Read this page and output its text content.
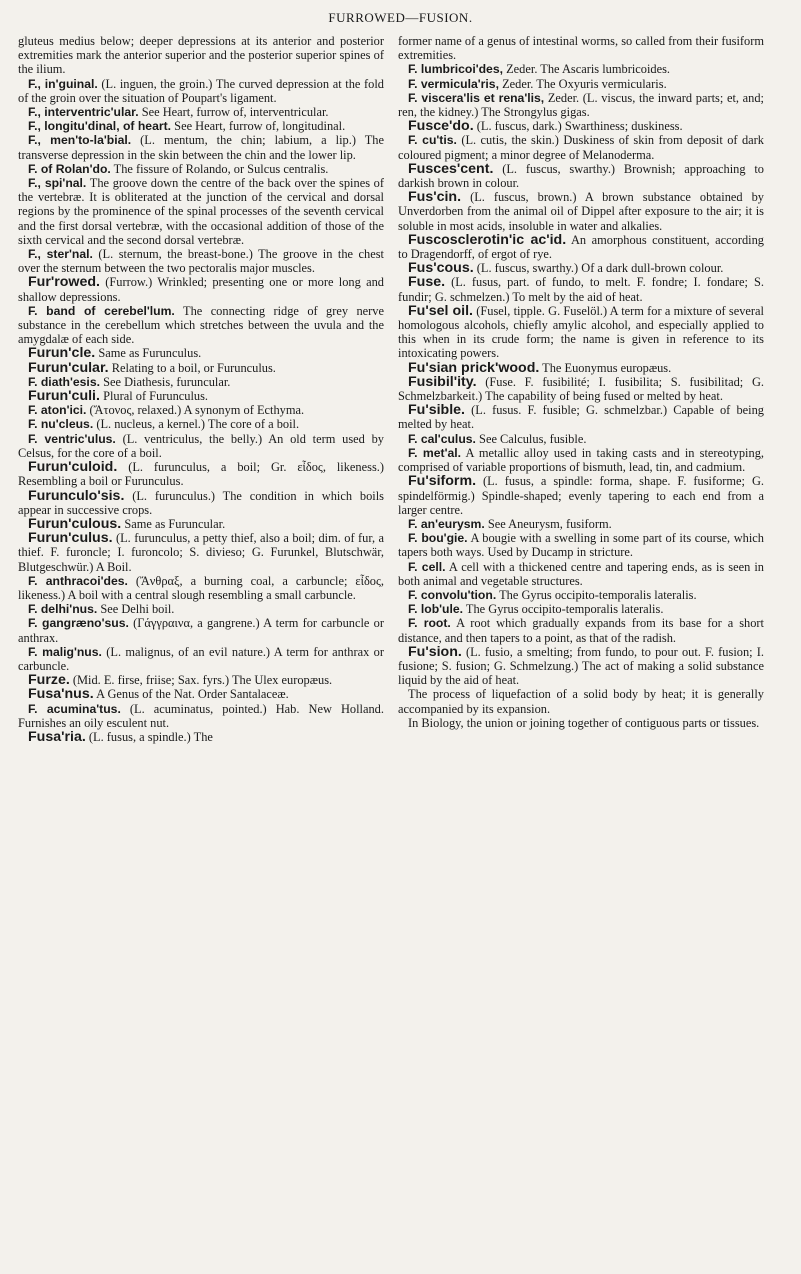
FURROWED—FUSION.

gluteus medius below; deeper depressions at its anterior and posterior extremities mark the anterior superior and the posterior superior spines of the ilium.

F., in'guinal. (L. inguen, the groin.) The curved depression at the fold of the groin over the situation of Poupart's ligament.

F., interventric'ular. See Heart, furrow of, interventricular.

F., longitu'dinal, of heart. See Heart, furrow of, longitudinal.

F., men'to-la'bial. (L. mentum, the chin; labium, a lip.) The transverse depression in the skin between the chin and the lower lip.

F. of Rolan'do. The fissure of Rolando, or Sulcus centralis.

F., spi'nal. The groove down the centre of the back over the spines of the vertebræ. It is obliterated at the junction of the cervical and dorsal regions by the prominence of the spinal processes of the seventh cervical and the first dorsal vertebræ, with the occasional addition of those of the sixth cervical and the second dorsal vertebræ.

F., ster'nal. (L. sternum, the breast-bone.) The groove in the chest over the sternum between the two pectoralis major muscles.

Fur'rowed. (Furrow.) Wrinkled; presenting one or more long and shallow depressions.

F. band of cerebel'lum. The connecting ridge of grey nerve substance in the cerebellum which stretches between the uvula and the amygdalæ of each side.

Furun'cle. Same as Furunculus.

Furun'cular. Relating to a boil, or Furunculus.

F. diath'esis. See Diathesis, furuncular.

Furun'culi. Plural of Furunculus.

F. aton'ici. (Ἄτονος, relaxed.) A synonym of Ecthyma.

F. nu'cleus. (L. nucleus, a kernel.) The core of a boil.

F. ventric'ulus. (L. ventriculus, the belly.) An old term used by Celsus, for the core of a boil.

Furun'culoid. (L. furunculus, a boil; Gr. εἶδος, likeness.) Resembling a boil or Furunculus.

Furunculo'sis. (L. furunculus.) The condition in which boils appear in successive crops.

Furun'culous. Same as Furuncular.

Furun'culus. (L. furunculus, a petty thief, also a boil; dim. of fur, a thief. F. furoncle; I. furoncolo; S. divieso; G. Furunkel, Blutschwär, Blutgeschwür.) A Boil.

F. anthracoi'des. (Ἄνθραξ, a burning coal, a carbuncle; εἶδος, likeness.) A boil with a central slough resembling a small carbuncle.

F. delhi'nus. See Delhi boil.

F. gangræno'sus. (Γάγγραινα, a gangrene.) A term for carbuncle or anthrax.

F. malig'nus. (L. malignus, of an evil nature.) A term for anthrax or carbuncle.

Furze. (Mid. E. firse, friise; Sax. fyrs.) The Ulex europæus.

Fusa'nus. A Genus of the Nat. Order Santalaceæ.

F. acumina'tus. (L. acuminatus, pointed.) Hab. New Holland. Furnishes an oily esculent nut.

Fusa'ria. (L. fusus, a spindle.) The

former name of a genus of intestinal worms, so called from their fusiform extremities.

F. lumbricoi'des, Zeder. The Ascaris lumbricoides.

F. vermicula'ris, Zeder. The Oxyuris vermicularis.

F. viscera'lis et rena'lis, Zeder. (L. viscus, the inward parts; et, and; ren, the kidney.) The Strongylus gigas.

Fusce'do. (L. fuscus, dark.) Swarthiness; duskiness.

F. cu'tis. (L. cutis, the skin.) Duskiness of skin from deposit of dark coloured pigment; a minor degree of Melanoderma.

Fusces'cent. (L. fuscus, swarthy.) Brownish; approaching to darkish brown in colour.

Fus'cin. (L. fuscus, brown.) A brown substance obtained by Unverdorben from the animal oil of Dippel after exposure to the air; it is soluble in most acids, insoluble in water and alkalies.

Fuscosclerotin'ic ac'id. An amorphous constituent, according to Dragendorff, of ergot of rye.

Fus'cous. (L. fuscus, swarthy.) Of a dark dull-brown colour.

Fuse. (L. fusus, part. of fundo, to melt. F. fondre; I. fondare; S. fundir; G. schmelzen.) To melt by the aid of heat.

Fu'sel oil. (Fusel, tipple. G. Fuselöl.) A term for a mixture of several homologous alcohols, chiefly amylic alcohol, and especially applied to this when in its crude form; the name is given in reference to its intoxicating powers.

Fu'sian prick'wood. The Euonymus europæus.

Fusibil'ity. (Fuse. F. fusibilité; I. fusibilita; S. fusibilitad; G. Schmelzbarkeit.) The capability of being fused or melted by heat.

Fu'sible. (L. fusus. F. fusible; G. schmelzbar.) Capable of being melted by heat.

F. cal'culus. See Calculus, fusible.

F. met'al. A metallic alloy used in taking casts and in stereotyping, comprised of variable proportions of bismuth, lead, tin, and cadmium.

Fu'siform. (L. fusus, a spindle: forma, shape. F. fusiforme; G. spindelförmig.) Spindle-shaped; evenly tapering to each end from a larger centre.

F. an'eurysm. See Aneurysm, fusiform.

F. bou'gie. A bougie with a swelling in some part of its course, which tapers both ways. Used by Ducamp in stricture.

F. cell. A cell with a thickened centre and tapering ends, as is seen in both animal and vegetable structures.

F. convolu'tion. The Gyrus occipito-temporalis lateralis.

F. lob'ule. The Gyrus occipito-temporalis lateralis.

F. root. A root which gradually expands from its base for a short distance, and then tapers to a point, as that of the radish.

Fu'sion. (L. fusio, a smelting; from fundo, to pour out. F. fusion; I. fusione; S. fusion; G. Schmelzung.) The act of making a solid substance liquid by the aid of heat.

The process of liquefaction of a solid body by heat; it is generally accompanied by its expansion.

In Biology, the union or joining together of contiguous parts or tissues.
